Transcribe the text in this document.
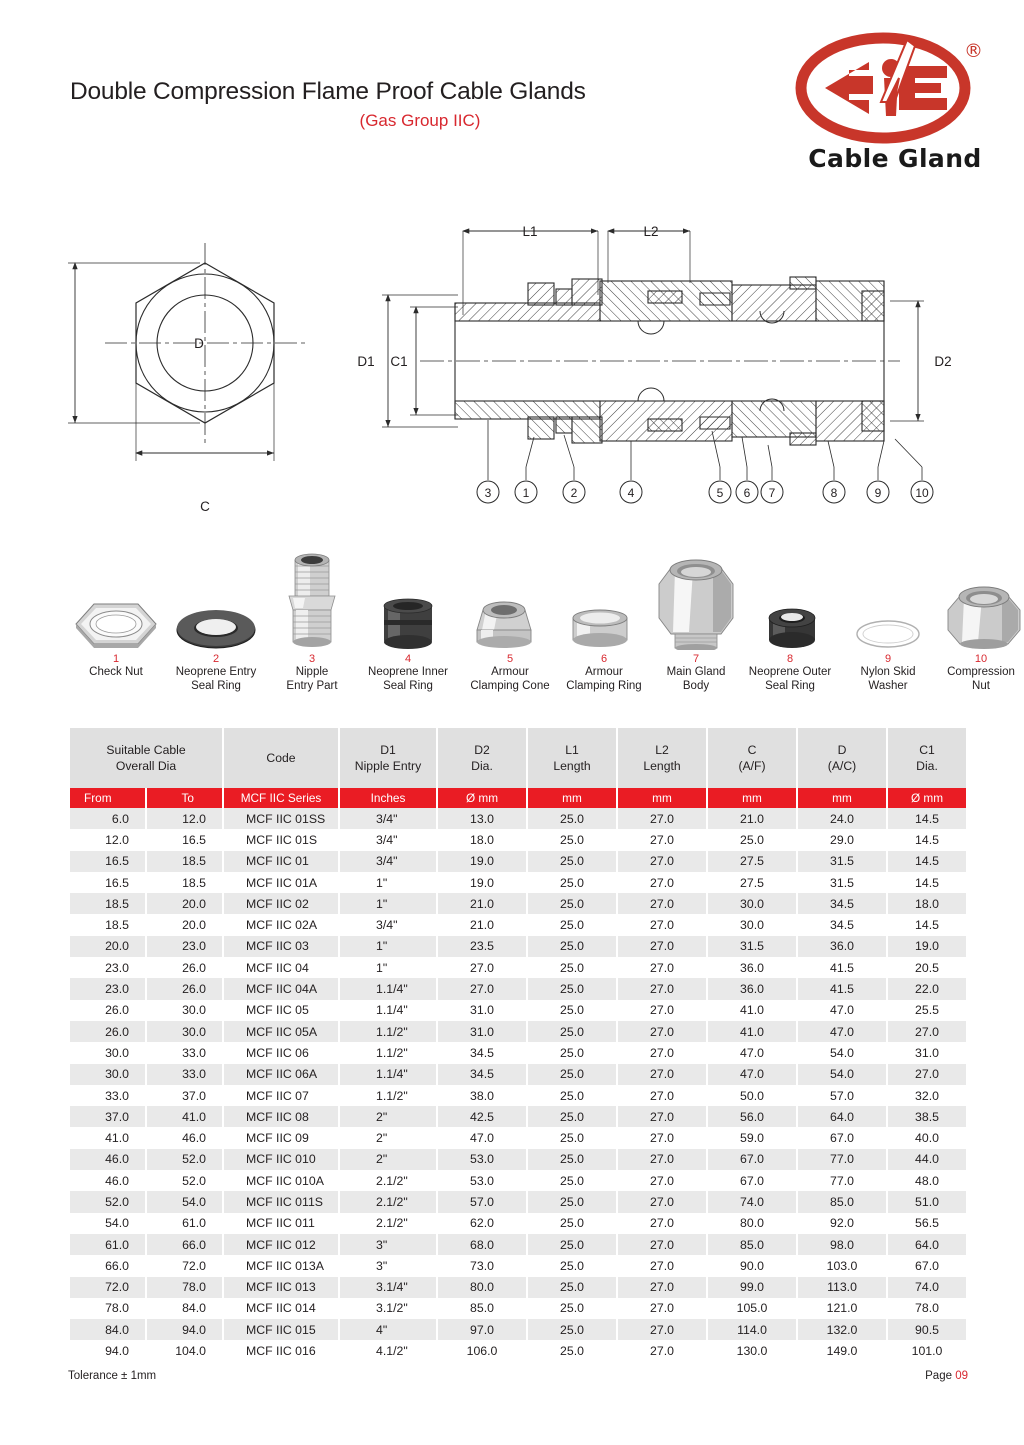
Double Compression Flame Proof Cable Glands
(Gas Group IIC)
®
Cable Gland
D
C
D1 C1
L1	L2
D2
3	1	2	4	5 6 7	8	9	10
1
Check Nut
2
Neoprene Entry
Seal Ring
3
Nipple
Entry Part
4
Neoprene Inner
Seal Ring
5
Armour
Clamping Cone
6
Armour
Clamping Ring
7
Main Gland
Body
8
Neoprene Outer
Seal Ring
9
Nylon Skid
Washer
10
Compression
Nut
Suitable Cable
Overall Dia

Code

D1
Nipple Entry

D2
Dia.

L1
Length

L2
Length

C
(A/F)

D
(A/C)

C1
Dia.

From	To	MCF IIC Series	Inches	Ø mm	mm	mm	mm	mm	Ø mm
6.0	12.0	MCF IIC 01SS	3/4"	13.0	25.0	27.0	21.0	24.0	14.5
12.0	16.5	MCF IIC 01S	3/4"	18.0	25.0	27.0	25.0	29.0	14.5
16.5	18.5	MCF IIC 01	3/4"	19.0	25.0	27.0	27.5	31.5	14.5
16.5	18.5	MCF IIC 01A	1"	19.0	25.0	27.0	27.5	31.5	14.5
18.5	20.0	MCF IIC 02	1"	21.0	25.0	27.0	30.0	34.5	18.0
18.5	20.0	MCF IIC 02A	3/4"	21.0	25.0	27.0	30.0	34.5	14.5
20.0	23.0	MCF IIC 03	1"	23.5	25.0	27.0	31.5	36.0	19.0
23.0	26.0	MCF IIC 04	1"	27.0	25.0	27.0	36.0	41.5	20.5
23.0	26.0	MCF IIC 04A	1.1/4"	27.0	25.0	27.0	36.0	41.5	22.0
26.0	30.0	MCF IIC 05	1.1/4"	31.0	25.0	27.0	41.0	47.0	25.5
26.0	30.0	MCF IIC 05A	1.1/2"	31.0	25.0	27.0	41.0	47.0	27.0
30.0	33.0	MCF IIC 06	1.1/2"	34.5	25.0	27.0	47.0	54.0	31.0
30.0	33.0	MCF IIC 06A	1.1/4"	34.5	25.0	27.0	47.0	54.0	27.0
33.0	37.0	MCF IIC 07	1.1/2"	38.0	25.0	27.0	50.0	57.0	32.0
37.0	41.0	MCF IIC 08	2"	42.5	25.0	27.0	56.0	64.0	38.5
41.0	46.0	MCF IIC 09	2"	47.0	25.0	27.0	59.0	67.0	40.0
46.0	52.0	MCF IIC 010	2"	53.0	25.0	27.0	67.0	77.0	44.0
46.0	52.0	MCF IIC 010A	2.1/2"	53.0	25.0	27.0	67.0	77.0	48.0
52.0	54.0	MCF IIC 011S	2.1/2"	57.0	25.0	27.0	74.0	85.0	51.0
54.0	61.0	MCF IIC 011	2.1/2"	62.0	25.0	27.0	80.0	92.0	56.5
61.0	66.0	MCF IIC 012	3"	68.0	25.0	27.0	85.0	98.0	64.0
66.0	72.0	MCF IIC 013A	3"	73.0	25.0	27.0	90.0	103.0	67.0
72.0	78.0	MCF IIC 013	3.1/4"	80.0	25.0	27.0	99.0	113.0	74.0
78.0	84.0	MCF IIC 014	3.1/2"	85.0	25.0	27.0	105.0	121.0	78.0
84.0	94.0	MCF IIC 015	4"	97.0	25.0	27.0	114.0	132.0	90.5
94.0	104.0	MCF IIC 016	4.1/2"	106.0	25.0	27.0	130.0	149.0	101.0
Tolerance ± 1mm	Page 09
